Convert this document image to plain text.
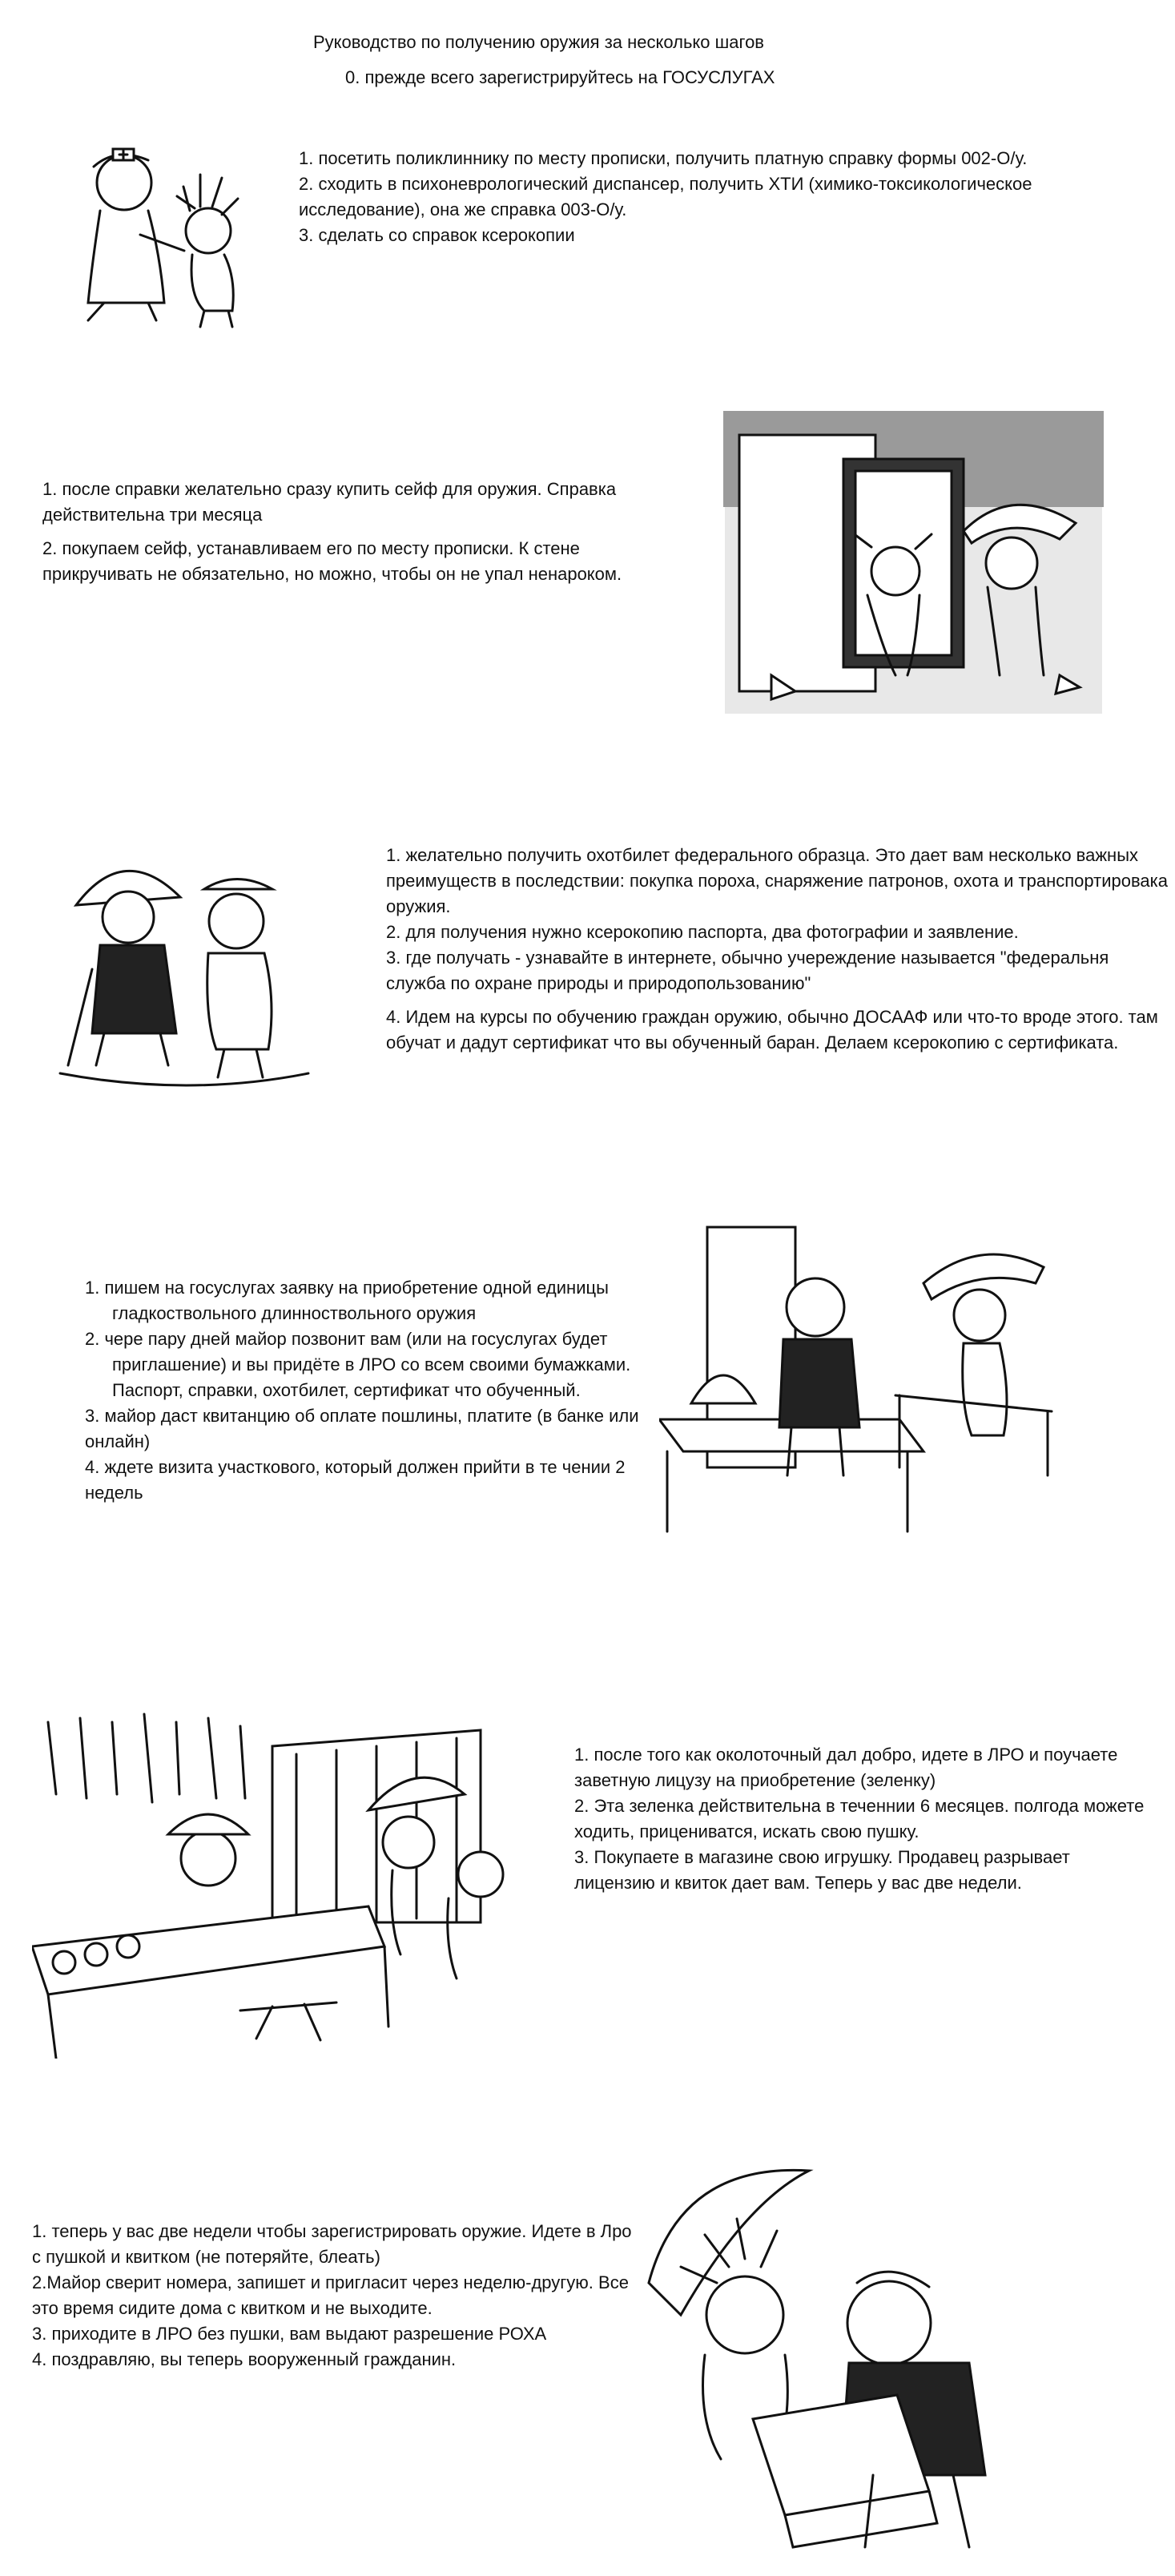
Руководство по получению оружия за несколько шагов
0. прежде всего зарегистрируйтесь на ГОСУСЛУГАХ

1. посетить поликлиннику по месту прописки, получить платную справку формы 002-О/у.

2. сходить в психоневрологический диспансер, получить ХТИ (химико-токсикологическое исследование), она же справка 003-О/у.

3. сделать со справок ксерокопии

1. после справки желательно сразу купить сейф для оружия. Справка действительна три месяца

2. покупаем сейф, устанавливаем его по месту прописки. К стене прикручивать не обязательно, но можно, чтобы он не упал ненароком.

1. желательно получить охотбилет федерального образца. Это дает вам несколько важных преимуществ в последствии: покупка пороха, снаряжение патронов, охота и транспортировака оружия.

2. для получения нужно ксерокопию паспорта, два фотографии и заявление.

3. где получать - узнавайте в интернете, обычно учереждение называется "федеральня служба по охране природы и природопользованию"

4. Идем на курсы по обучению граждан оружию, обычно ДОСААФ или что-то вроде этого. там обучат и дадут сертификат что вы обученный баран. Делаем ксерокопию с сертификата.

1. пишем на госуслугах заявку на приобретение одной единицы гладкоствольного длинноствольного оружия

2. чере пару дней майор позвонит вам (или на госуслугах будет приглашение) и вы придёте в ЛРО со всем своими бумажками. Паспорт, справки, охотбилет, сертификат что обученный.

3. майор даст квитанцию об оплате пошлины, платите (в банке или онлайн)

4. ждете визита участкового, который должен прийти в те чении 2 недель

1. после того как околоточный дал добро, идете в ЛРО и поучаете заветную лицузу на приобретение (зеленку)

2. Эта зеленка действительна в теченнии 6 месяцев. полгода можете ходить, прицениватся, искать свою пушку.

3. Покупаете в магазине свою игрушку. Продавец разрывает лицензию и квиток дает вам. Теперь у вас две недели.

1. теперь у вас две недели чтобы зарегистрировать оружие. Идете в Лро с пушкой и квитком (не потеряйте, блеать)

2.Майор сверит номера, запишет и пригласит через неделю-другую. Все это время сидите дома с квитком и не выходите.

3. приходите в ЛРО без пушки, вам выдают разрешение РОХА

4. поздравляю, вы теперь вооруженный гражданин.
